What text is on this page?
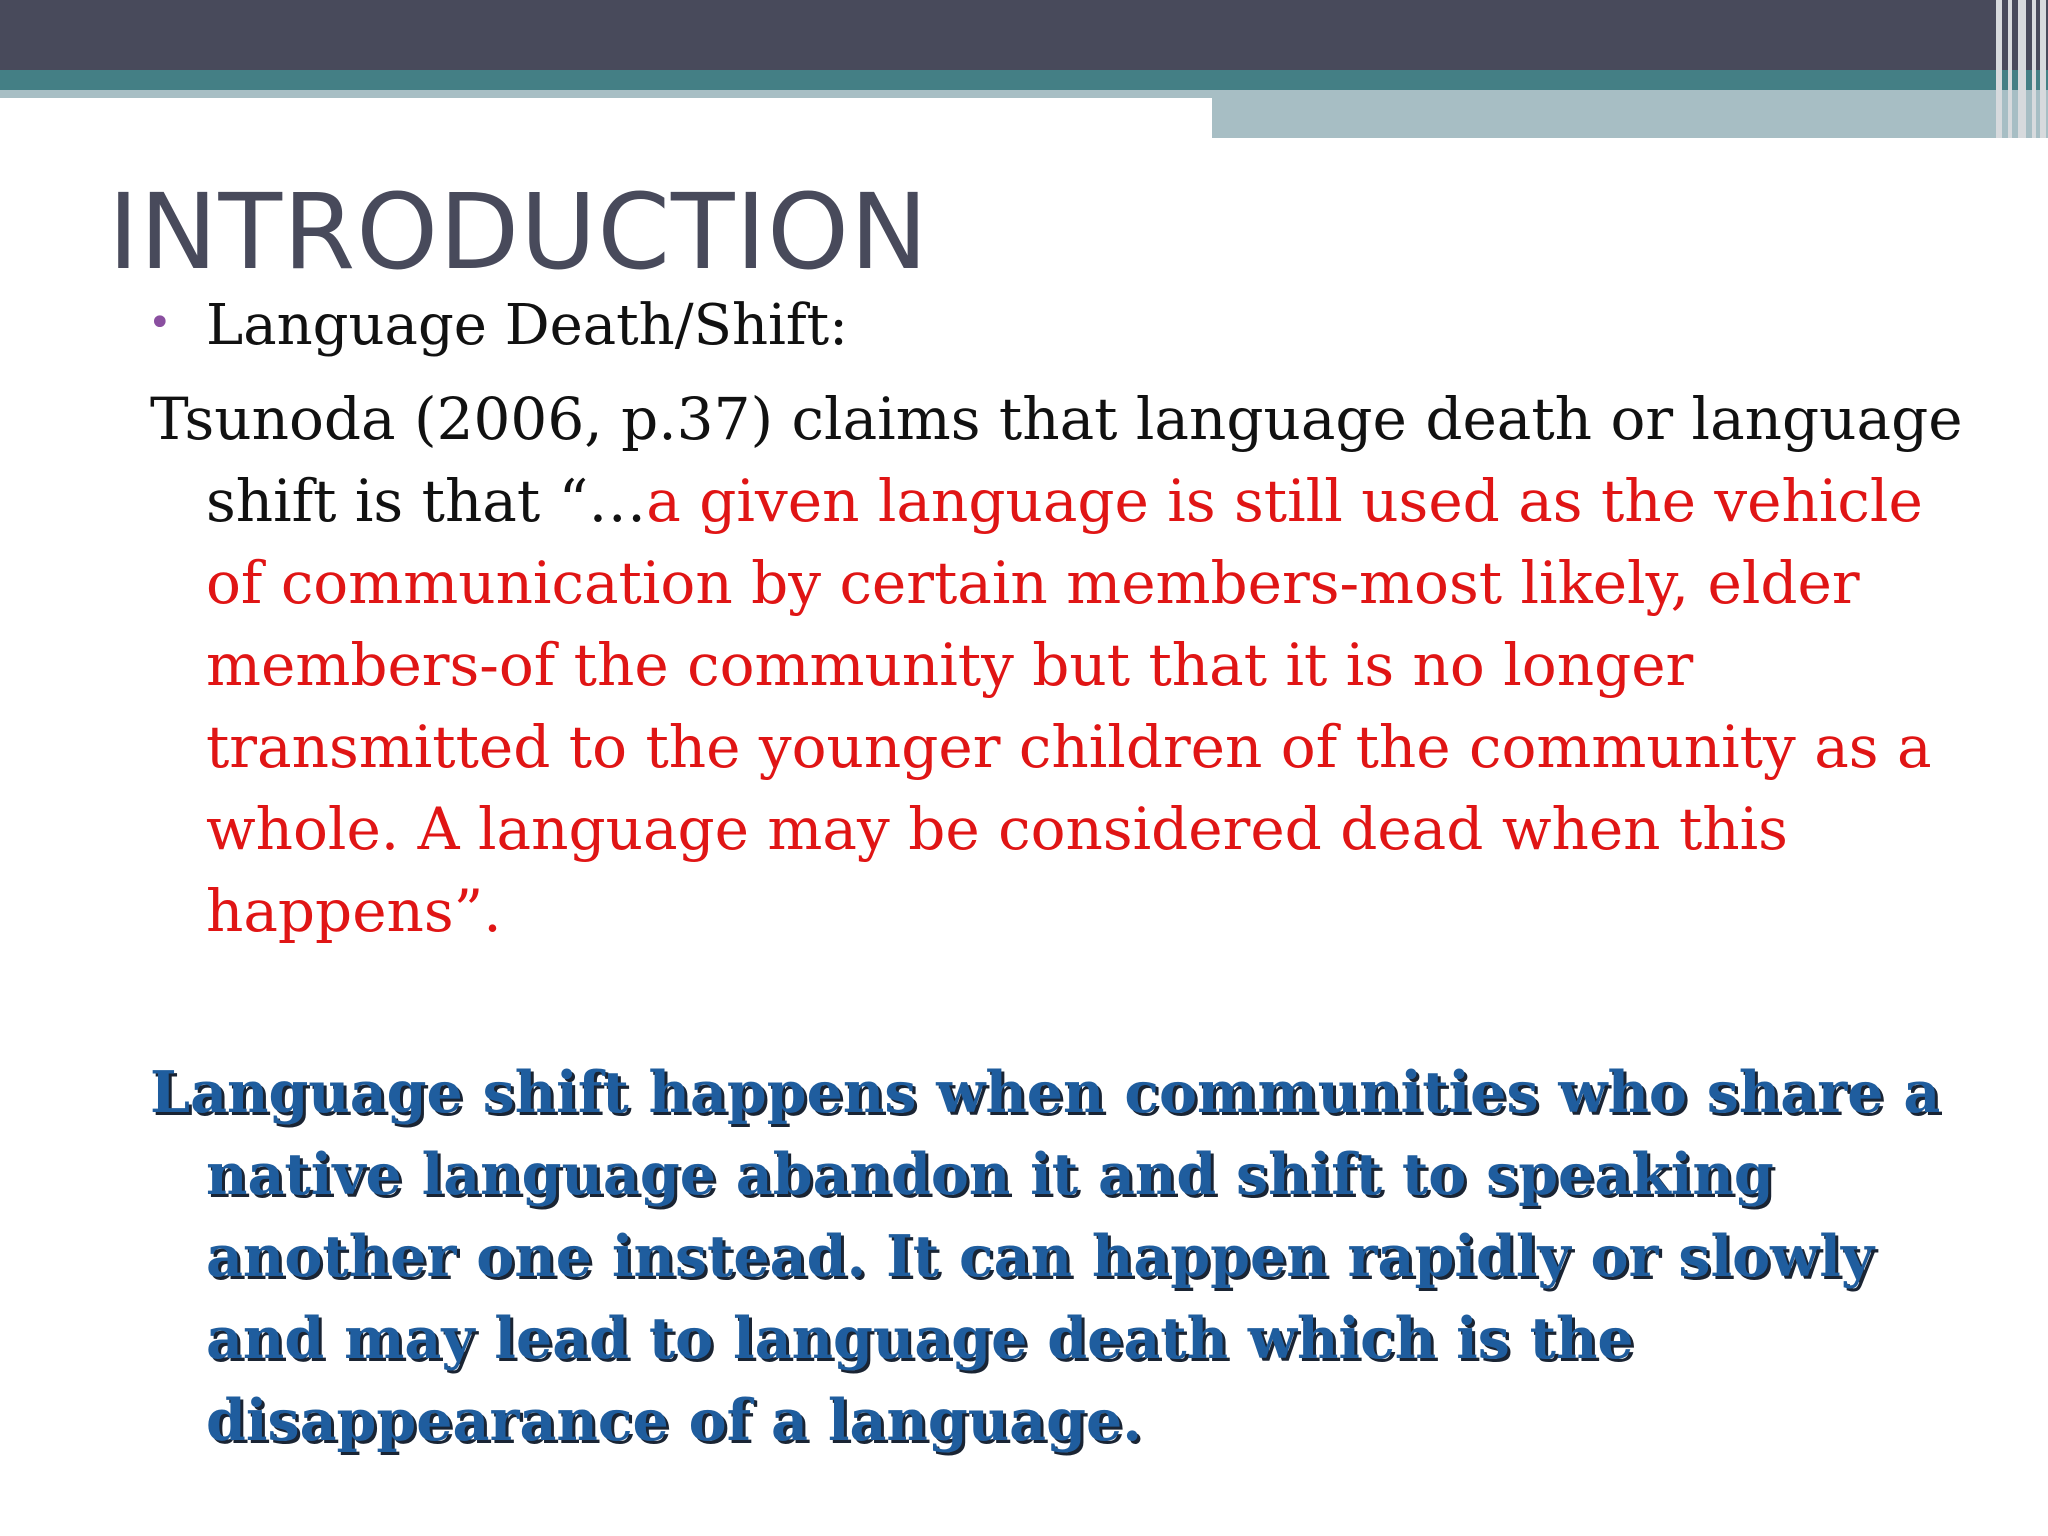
INTRODUCTION
• Language Death/Shift:
Tsunoda (2006, p.37) claims that language death or language shift is that “…a given language is still used as the vehicle of communication by certain members-most likely, elder members-of the community but that it is no longer transmitted to the younger children of the community as a whole. A language may be considered dead when this happens”.
Language shift happens when communities who share a native language abandon it and shift to speaking another one instead. It can happen rapidly or slowly and may lead to language death which is the disappearance of a language.
